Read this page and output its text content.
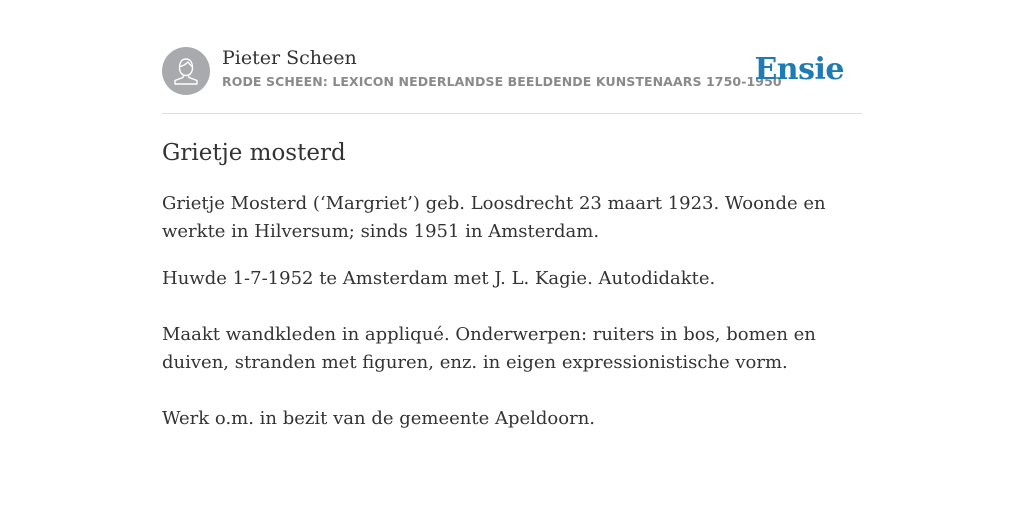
Pieter Scheen
RODE SCHEEN: LEXICON NEDERLANDSE BEELDENDE KUNSTENAARS 1750-1950
Ensie
Grietje mosterd

Grietje Mosterd (‘Margriet’) geb. Loosdrecht 23 maart 1923. Woonde en werkte in Hilversum; sinds 1951 in Amsterdam.

Huwde 1-7-1952 te Amsterdam met J. L. Kagie. Autodidakte.

Maakt wandkleden in appliqué. Onderwerpen: ruiters in bos, bomen en duiven, stranden met figuren, enz. in eigen expressionistische vorm.

Werk o.m. in bezit van de gemeente Apeldoorn.
